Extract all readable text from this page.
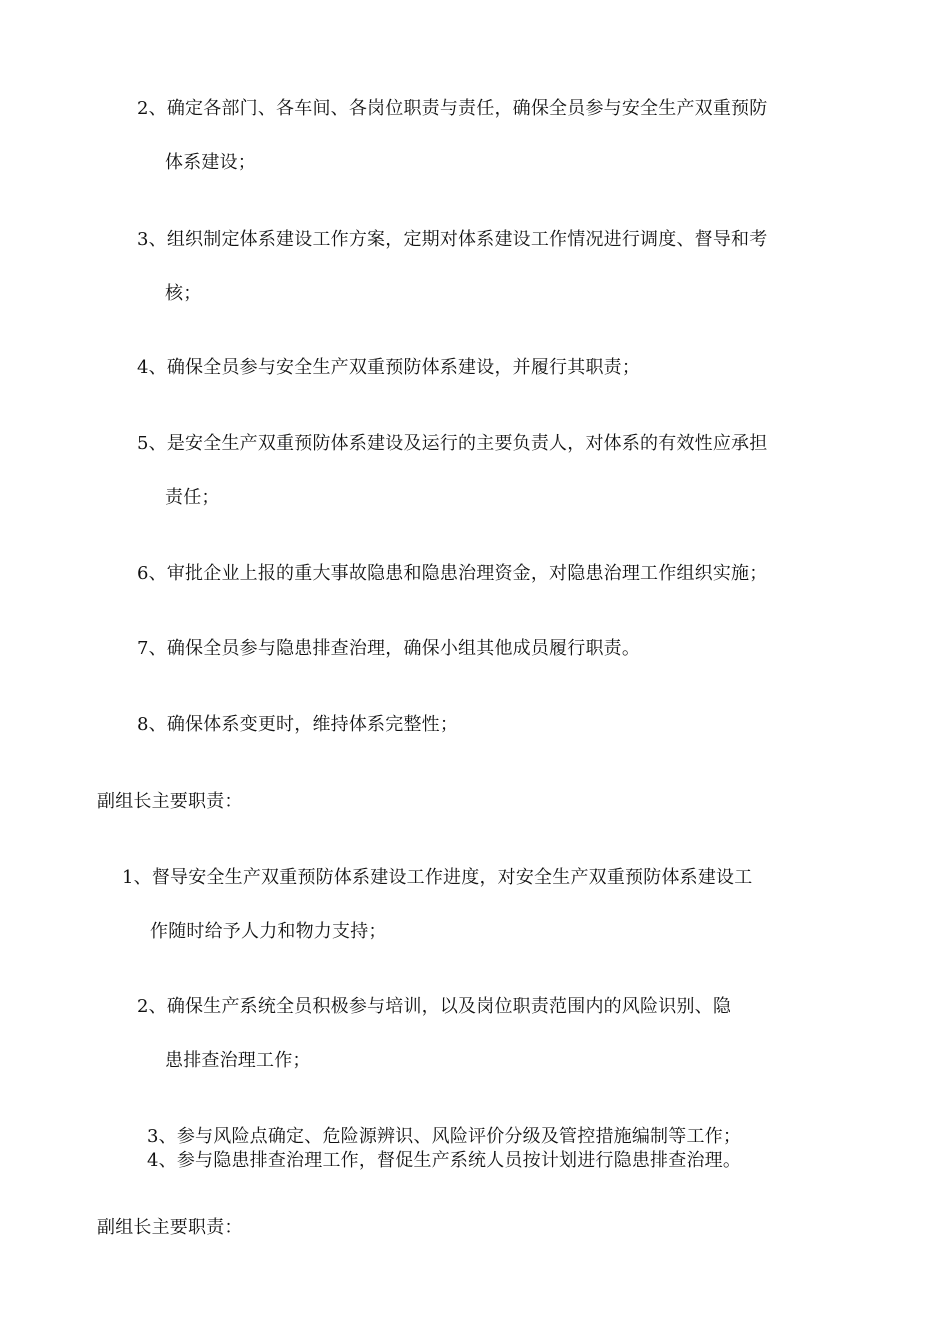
2、确定各部门、各车间、各岗位职责与责任，确保全员参与安全生产双重预防
体系建设；
3、组织制定体系建设工作方案，定期对体系建设工作情况进行调度、督导和考
核；
4、确保全员参与安全生产双重预防体系建设，并履行其职责；
5、是安全生产双重预防体系建设及运行的主要负责人，对体系的有效性应承担
责任；
6、审批企业上报的重大事故隐患和隐患治理资金，对隐患治理工作组织实施；
7、确保全员参与隐患排查治理，确保小组其他成员履行职责。
8、确保体系变更时，维持体系完整性；
副组长主要职责：
1、督导安全生产双重预防体系建设工作进度，对安全生产双重预防体系建设工
作随时给予人力和物力支持；
2、确保生产系统全员积极参与培训，以及岗位职责范围内的风险识别、隐
患排查治理工作；
3、参与风险点确定、危险源辨识、风险评价分级及管控措施编制等工作；
4、参与隐患排查治理工作，督促生产系统人员按计划进行隐患排查治理。
副组长主要职责：
